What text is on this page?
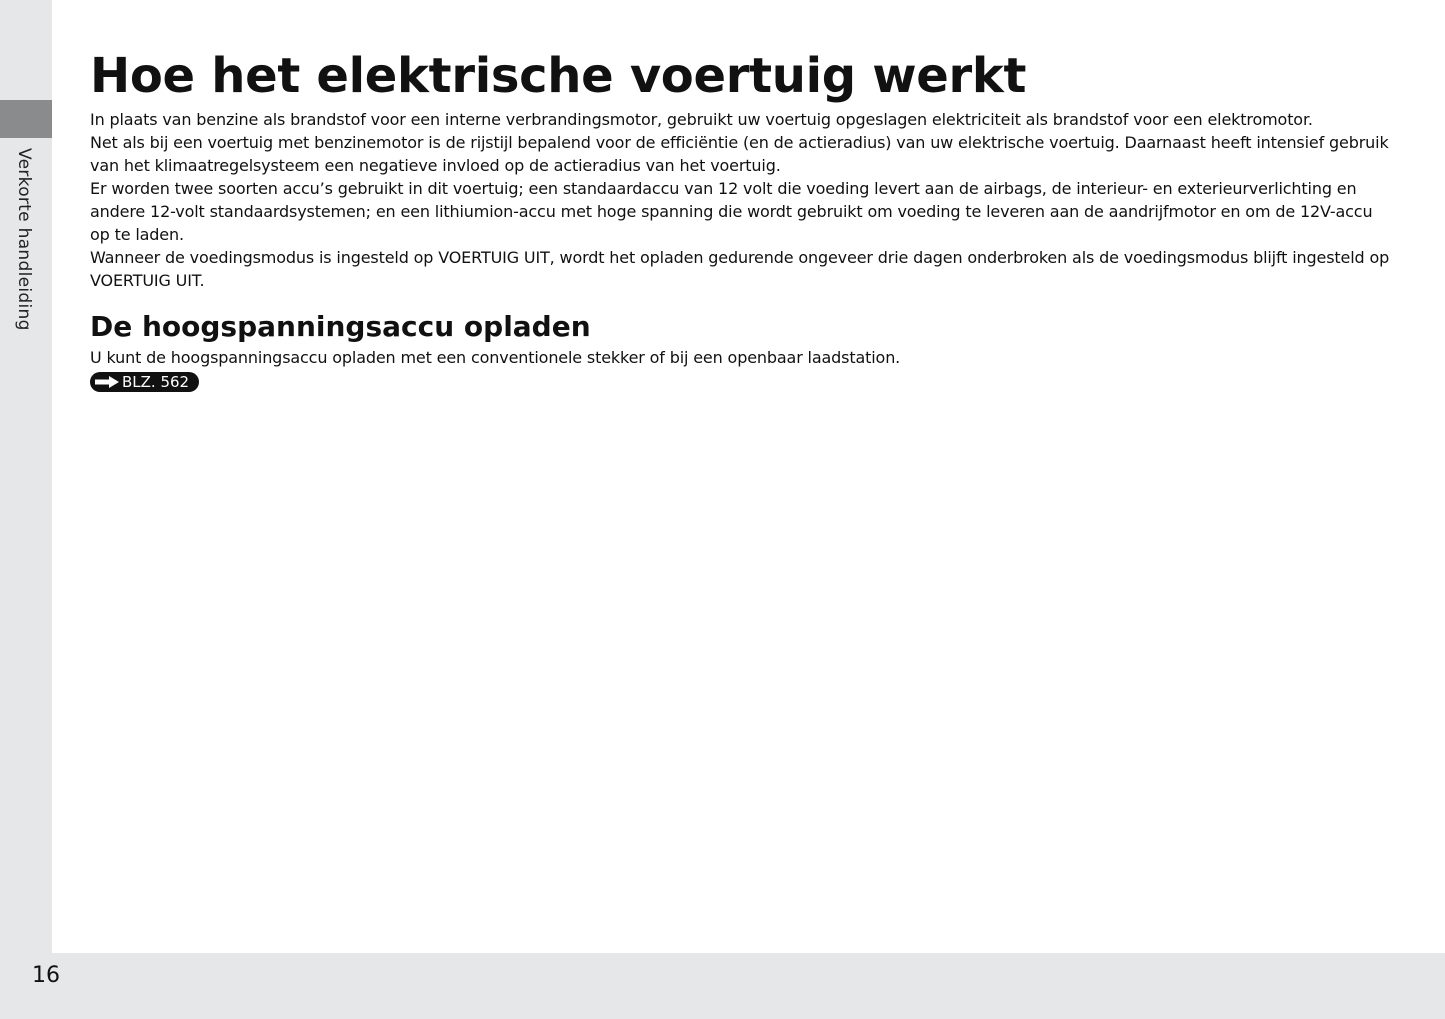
Verkorte handleiding
16
Hoe het elektrische voertuig werkt

In plaats van benzine als brandstof voor een interne verbrandingsmotor, gebruikt uw voertuig opgeslagen elektriciteit als brandstof voor een elektromotor.

Net als bij een voertuig met benzinemotor is de rijstijl bepalend voor de efficiëntie (en de actieradius) van uw elektrische voertuig. Daarnaast heeft intensief gebruik van het klimaatregelsysteem een negatieve invloed op de actieradius van het voertuig.

Er worden twee soorten accu’s gebruikt in dit voertuig; een standaardaccu van 12 volt die voeding levert aan de airbags, de interieur- en exterieurverlichting en andere 12-volt standaardsystemen; en een lithiumion-accu met hoge spanning die wordt gebruikt om voeding te leveren aan de aandrijfmotor en om de 12V-accu op te laden.

Wanneer de voedingsmodus is ingesteld op VOERTUIG UIT, wordt het opladen gedurende ongeveer drie dagen onderbroken als de voedingsmodus blijft ingesteld op VOERTUIG UIT.

De hoogspanningsaccu opladen

U kunt de hoogspanningsaccu opladen met een conventionele stekker of bij een openbaar laadstation.

BLZ. 562
